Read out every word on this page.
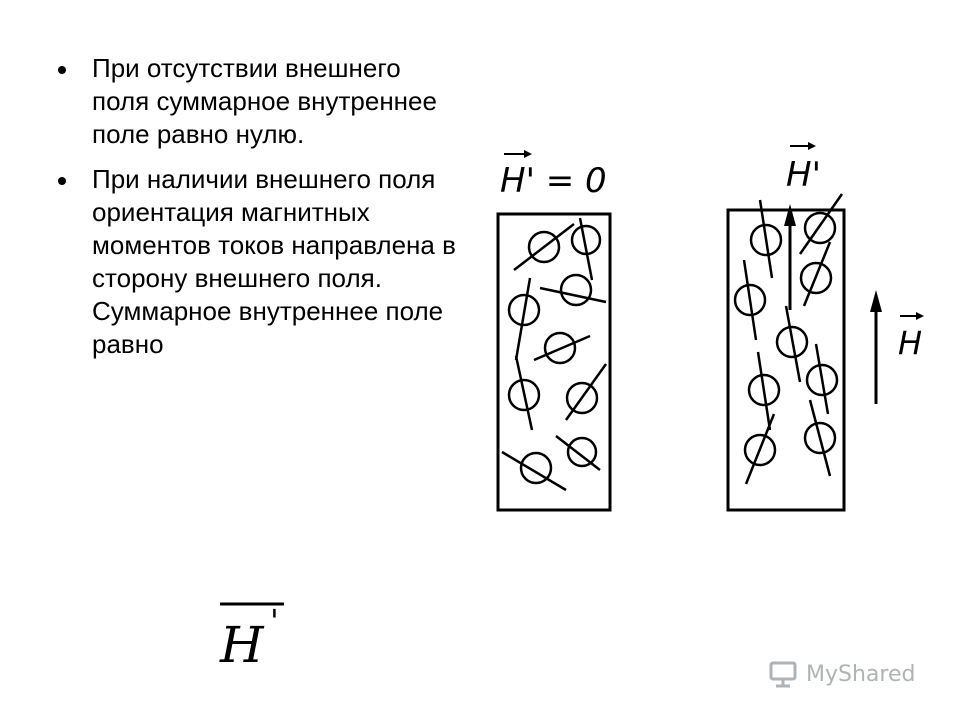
При отсутствии внешнего поля суммарное внутреннее поле равно нулю.
При наличии внешнего поля ориентация магнитных моментов токов направлена в сторону внешнего поля. Суммарное внутреннее поле равно
H '
H' = 0	H'
H
MyShared
